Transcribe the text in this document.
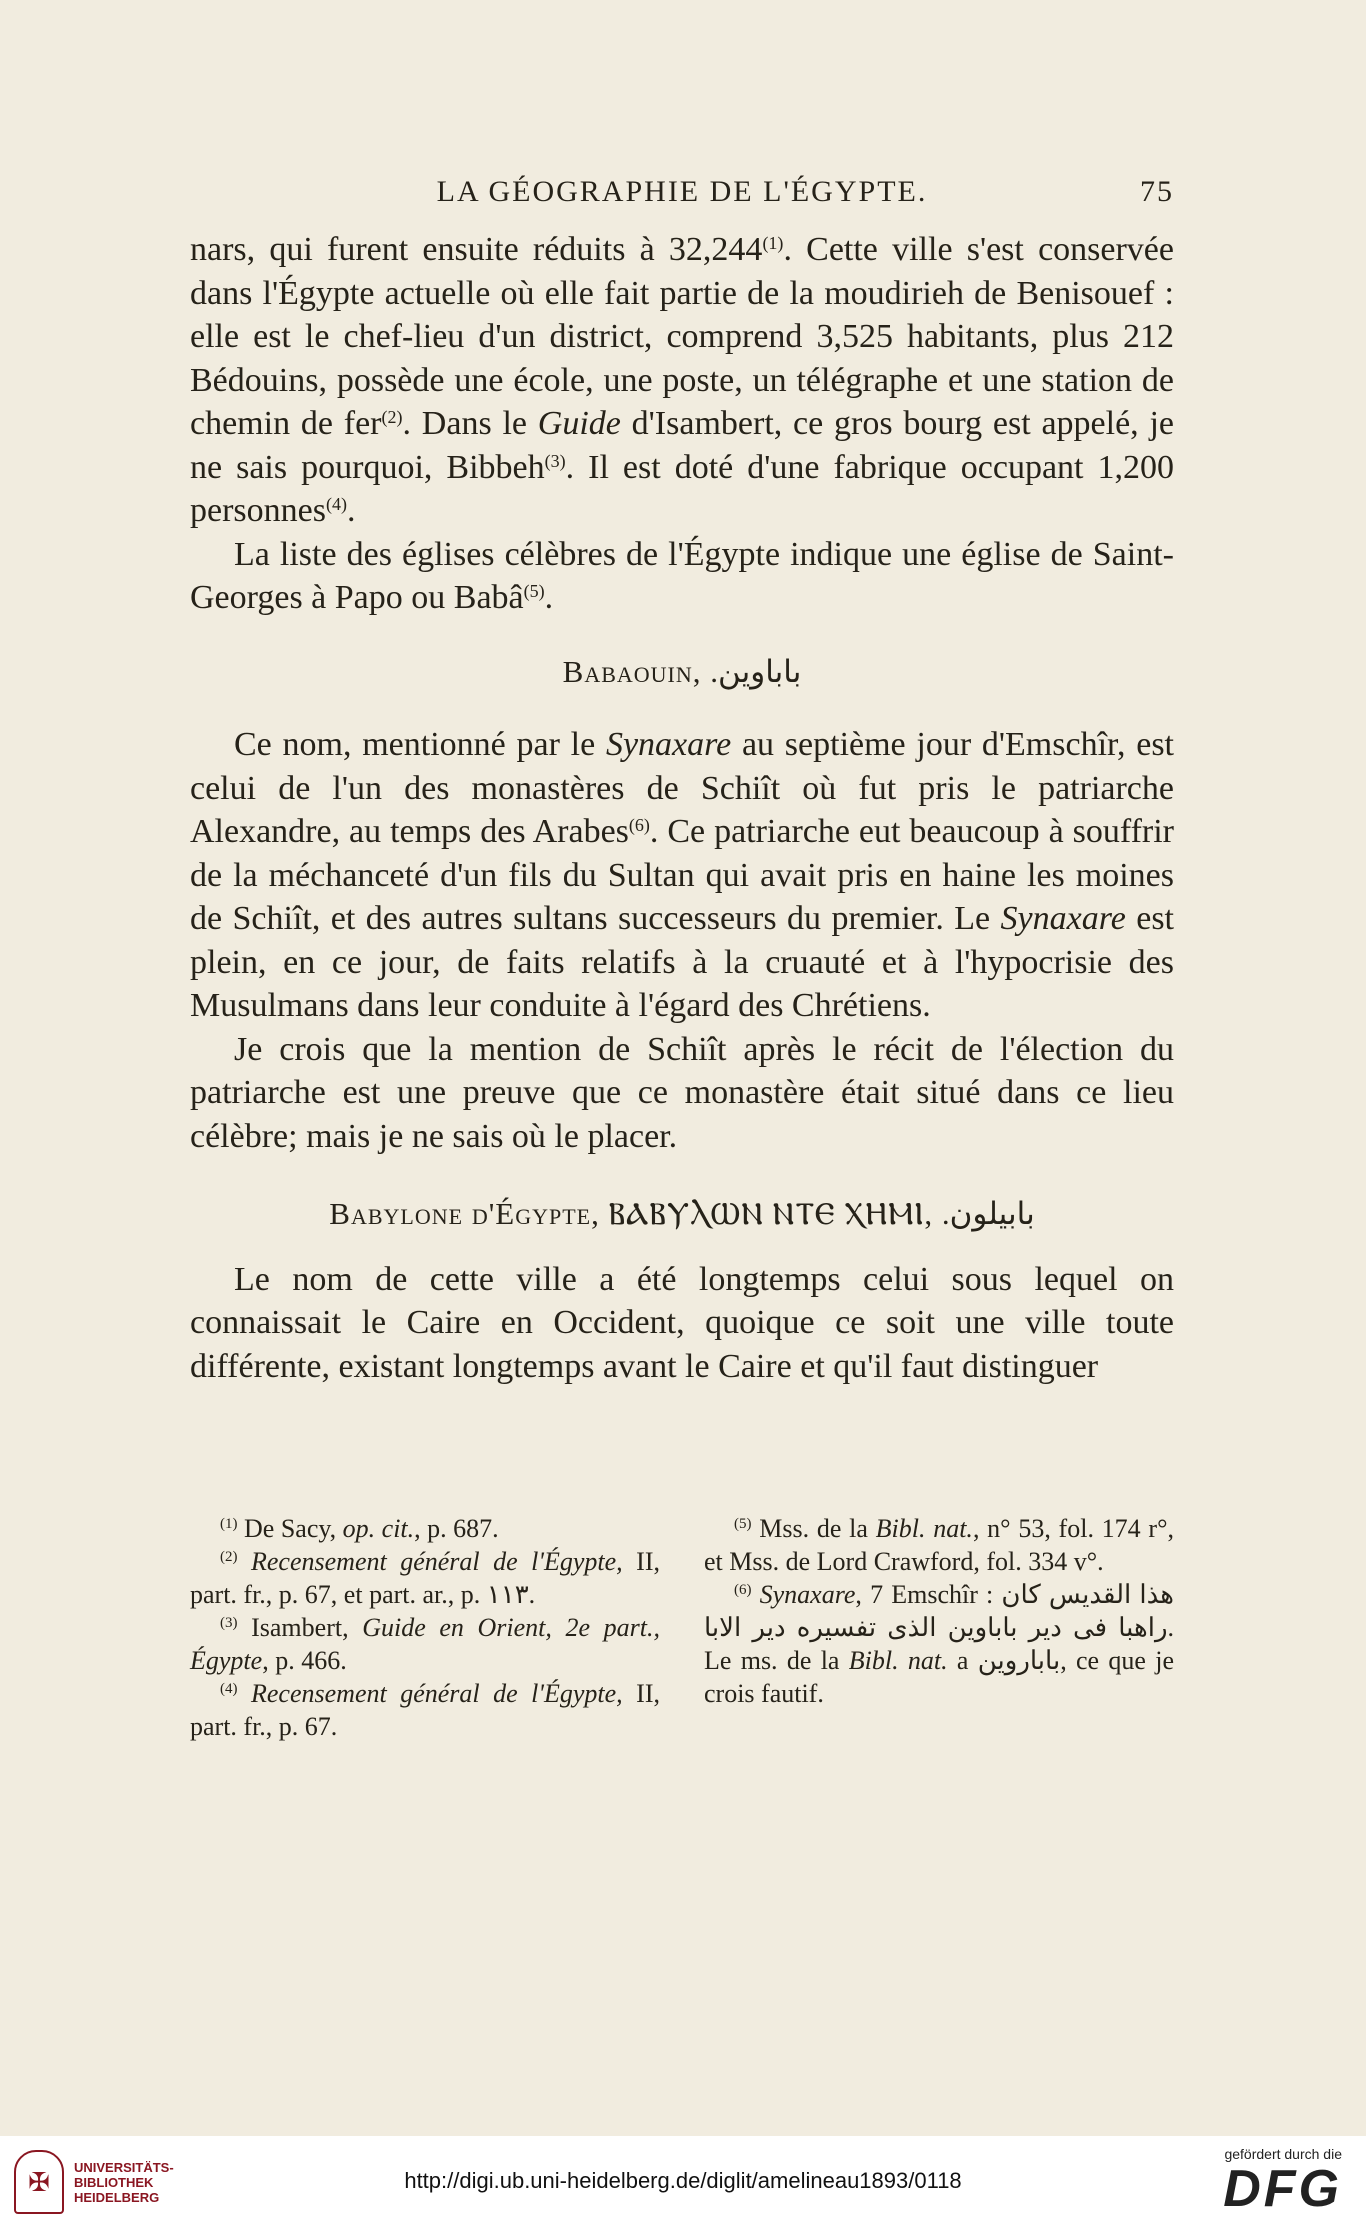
LA GÉOGRAPHIE DE L'ÉGYPTE.	75

nars, qui furent ensuite réduits à 32,244$^{(1)}$. Cette ville s'est conservée dans l'Égypte actuelle où elle fait partie de la moudirieh de Benisouef : elle est le chef-lieu d'un district, comprend 3,525 habitants, plus 212 Bédouins, possède une école, une poste, un télégraphe et une station de chemin de fer$^{(2)}$. Dans le Guide d'Isambert, ce gros bourg est appelé, je ne sais pourquoi, Bibbeh$^{(3)}$. Il est doté d'une fabrique occupant 1,200 personnes$^{(4)}$.

La liste des églises célèbres de l'Égypte indique une église de Saint-Georges à Papo ou Babâ$^{(5)}$.

Babaouin, باباوين.

Ce nom, mentionné par le Synaxare au septième jour d'Emschîr, est celui de l'un des monastères de Schiît où fut pris le patriarche Alexandre, au temps des Arabes$^{(6)}$. Ce patriarche eut beaucoup à souffrir de la méchanceté d'un fils du Sultan qui avait pris en haine les moines de Schiît, et des autres sultans successeurs du premier. Le Synaxare est plein, en ce jour, de faits relatifs à la cruauté et à l'hypocrisie des Musulmans dans leur conduite à l'égard des Chrétiens.

Je crois que la mention de Schiît après le récit de l'élection du patriarche est une preuve que ce monastère était situé dans ce lieu célèbre; mais je ne sais où le placer.

Babylone d'Égypte, ⲂⲀⲂⲨⲖⲰⲚ ⲚⲦⲈ ⲬⲎⲘⲒ, بابيلون.

Le nom de cette ville a été longtemps celui sous lequel on connaissait le Caire en Occident, quoique ce soit une ville toute différente, existant longtemps avant le Caire et qu'il faut distinguer

$^{(1)}$ De Sacy, op. cit., p. 687.

$^{(2)}$ Recensement général de l'Égypte, II, part. fr., p. 67, et part. ar., p. ١١٣.

$^{(3)}$ Isambert, Guide en Orient, 2e part., Égypte, p. 466.

$^{(4)}$ Recensement général de l'Égypte, II, part. fr., p. 67.

$^{(5)}$ Mss. de la Bibl. nat., n° 53, fol. 174 r°, et Mss. de Lord Crawford, fol. 334 v°.

$^{(6)}$ Synaxare, 7 Emschîr : هذا القديس كان راهبا فى دير باباوين الذى تفسيره دير الابا. Le ms. de la Bibl. nat. a باباروين, ce que je crois fautif.

✠	UNIVERSITÄTS-
BIBLIOTHEK
HEIDELBERG
http://digi.ub.uni-heidelberg.de/diglit/amelineau1893/0118
gefördert durch die
DFG
